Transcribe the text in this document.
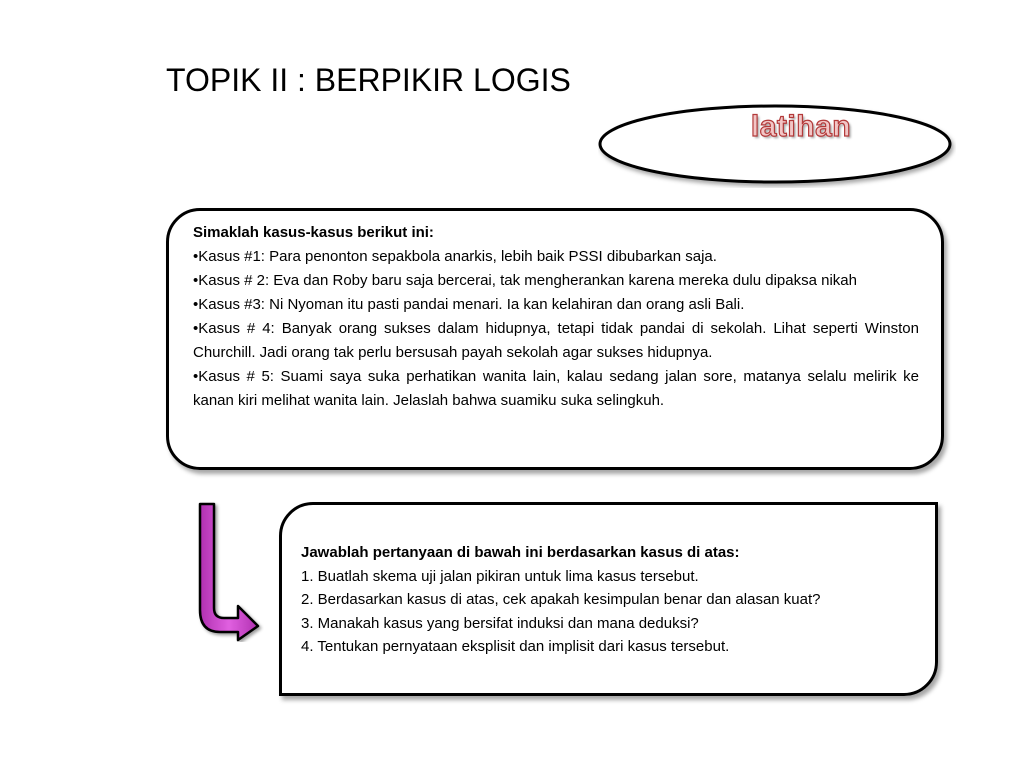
TOPIK II : BERPIKIR LOGIS
latihan

Simaklah kasus-kasus berikut ini:

•Kasus #1: Para penonton sepakbola anarkis, lebih baik PSSI dibubarkan saja.

•Kasus # 2: Eva dan Roby baru saja bercerai, tak mengherankan karena mereka dulu dipaksa nikah

•Kasus #3: Ni Nyoman itu pasti pandai menari. Ia kan kelahiran dan orang asli Bali.

•Kasus # 4: Banyak orang sukses dalam hidupnya, tetapi tidak pandai di sekolah. Lihat seperti Winston Churchill. Jadi orang tak perlu bersusah payah sekolah agar sukses hidupnya.

•Kasus # 5: Suami saya suka perhatikan wanita lain, kalau sedang jalan sore, matanya selalu melirik ke kanan kiri melihat wanita lain. Jelaslah bahwa suamiku suka selingkuh.

Jawablah pertanyaan di bawah ini berdasarkan kasus di atas:

1. Buatlah skema uji jalan pikiran untuk lima kasus tersebut.

2. Berdasarkan kasus di atas, cek apakah kesimpulan benar dan alasan kuat?

3. Manakah kasus yang bersifat induksi dan mana deduksi?

4. Tentukan pernyataan eksplisit dan implisit dari kasus tersebut.
